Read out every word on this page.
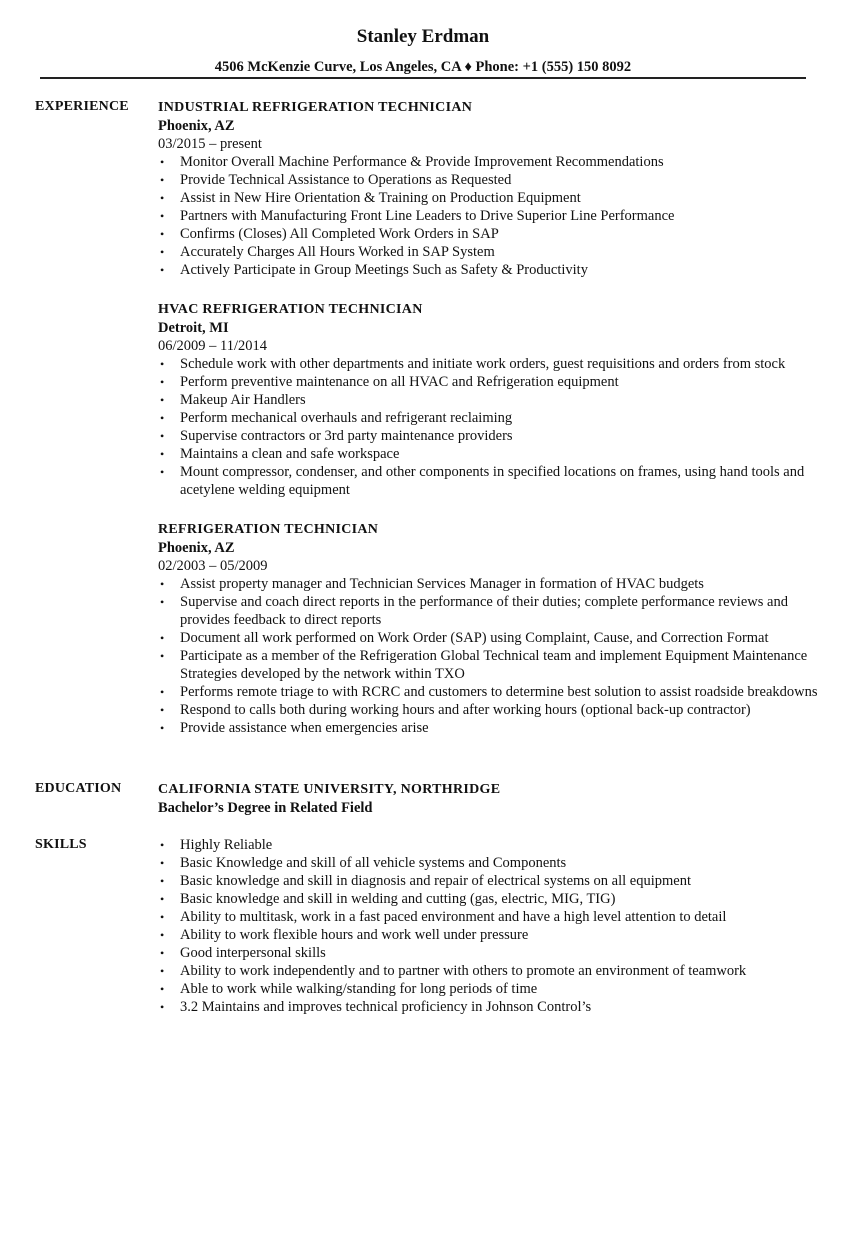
Stanley Erdman
4506 McKenzie Curve, Los Angeles, CA ♦ Phone: +1 (555) 150 8092
EXPERIENCE INDUSTRIAL REFRIGERATION TECHNICIAN
Phoenix, AZ
03/2015 – present
• Monitor Overall Machine Performance & Provide Improvement Recommendations
• Provide Technical Assistance to Operations as Requested
• Assist in New Hire Orientation & Training on Production Equipment
• Partners with Manufacturing Front Line Leaders to Drive Superior Line Performance
• Confirms (Closes) All Completed Work Orders in SAP
• Accurately Charges All Hours Worked in SAP System
• Actively Participate in Group Meetings Such as Safety & Productivity
HVAC REFRIGERATION TECHNICIAN
Detroit, MI
06/2009 – 11/2014
• Schedule work with other departments and initiate work orders, guest requisitions and orders from stock
• Perform preventive maintenance on all HVAC and Refrigeration equipment
• Makeup Air Handlers
• Perform mechanical overhauls and refrigerant reclaiming
• Supervise contractors or 3rd party maintenance providers
• Maintains a clean and safe workspace
• Mount compressor, condenser, and other components in specified locations on frames, using hand tools and acetylene welding equipment
REFRIGERATION TECHNICIAN
Phoenix, AZ
02/2003 – 05/2009
• Assist property manager and Technician Services Manager in formation of HVAC budgets
• Supervise and coach direct reports in the performance of their duties; complete performance reviews and provides feedback to direct reports
• Document all work performed on Work Order (SAP) using Complaint, Cause, and Correction Format
• Participate as a member of the Refrigeration Global Technical team and implement Equipment Maintenance Strategies developed by the network within TXO
• Performs remote triage to with RCRC and customers to determine best solution to assist roadside breakdowns
• Respond to calls both during working hours and after working hours (optional back-up contractor)
• Provide assistance when emergencies arise
EDUCATION	CALIFORNIA STATE UNIVERSITY, NORTHRIDGE
Bachelor’s Degree in Related Field
SKILLS	• Highly Reliable
• Basic Knowledge and skill of all vehicle systems and Components
• Basic knowledge and skill in diagnosis and repair of electrical systems on all equipment
• Basic knowledge and skill in welding and cutting (gas, electric, MIG, TIG)
• Ability to multitask, work in a fast paced environment and have a high level attention to detail
• Ability to work flexible hours and work well under pressure
• Good interpersonal skills
• Ability to work independently and to partner with others to promote an environment of teamwork
• Able to work while walking/standing for long periods of time
• 3.2 Maintains and improves technical proficiency in Johnson Control’s
